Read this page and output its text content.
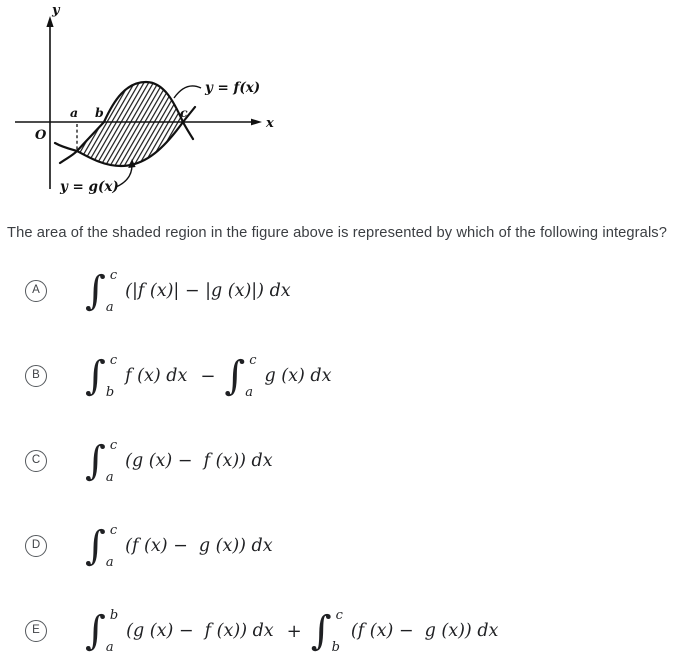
y
x
O
a b	c
y = f(x)
y = g(x)
The area of the shaded region in the figure above is represented by which of the following integrals?
A ∫ c
a
(|f (x)| − |g (x)|) dx
B ∫ c
b
f (x) dx − ∫ c
a
g (x) dx
C ∫ c
a
(g (x) −  f (x)) dx
D ∫ c
a
(f (x) −  g (x)) dx
E ∫ b
a
(g (x) −  f (x)) dx + ∫ c
b
(f (x) −  g (x)) dx
